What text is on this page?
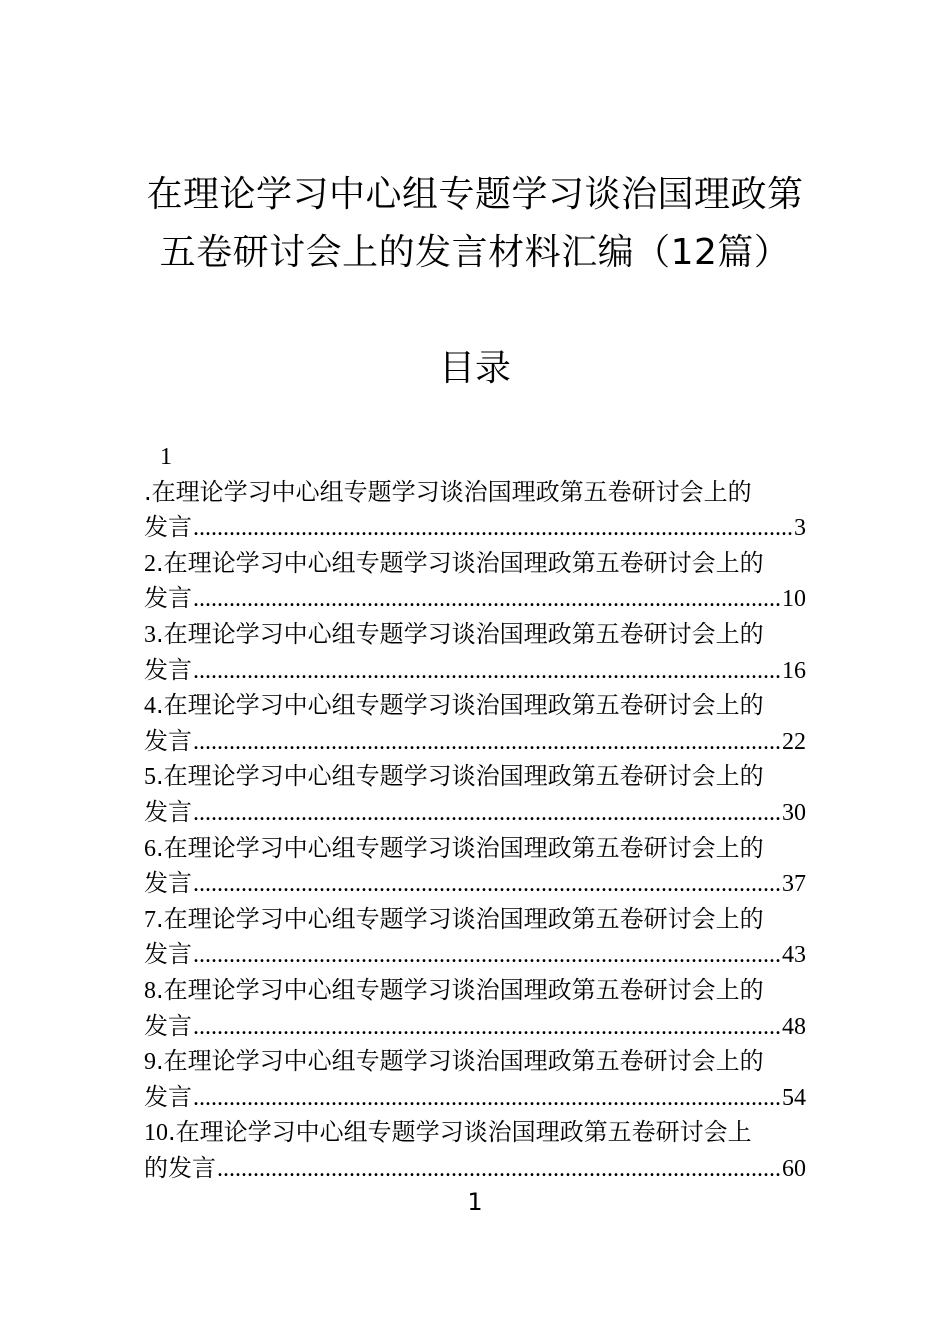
在理论学习中心组专题学习谈治国理政第
五卷研讨会上的发言材料汇编（12篇）
目录
1
.在理论学习中心组专题学习谈治国理政第五卷研讨会上的
发言 .....	3
2.在理论学习中心组专题学习谈治国理政第五卷研讨会上的
发言 .....	10
3.在理论学习中心组专题学习谈治国理政第五卷研讨会上的
发言 .....	16
4.在理论学习中心组专题学习谈治国理政第五卷研讨会上的
发言 .....	22
5.在理论学习中心组专题学习谈治国理政第五卷研讨会上的
发言 .....	30
6.在理论学习中心组专题学习谈治国理政第五卷研讨会上的
发言 .....	37
7.在理论学习中心组专题学习谈治国理政第五卷研讨会上的
发言 .....	43
8.在理论学习中心组专题学习谈治国理政第五卷研讨会上的
发言 .....	48
9.在理论学习中心组专题学习谈治国理政第五卷研讨会上的
发言 .....	54
10.在理论学习中心组专题学习谈治国理政第五卷研讨会上
的发言 .....	60
1
